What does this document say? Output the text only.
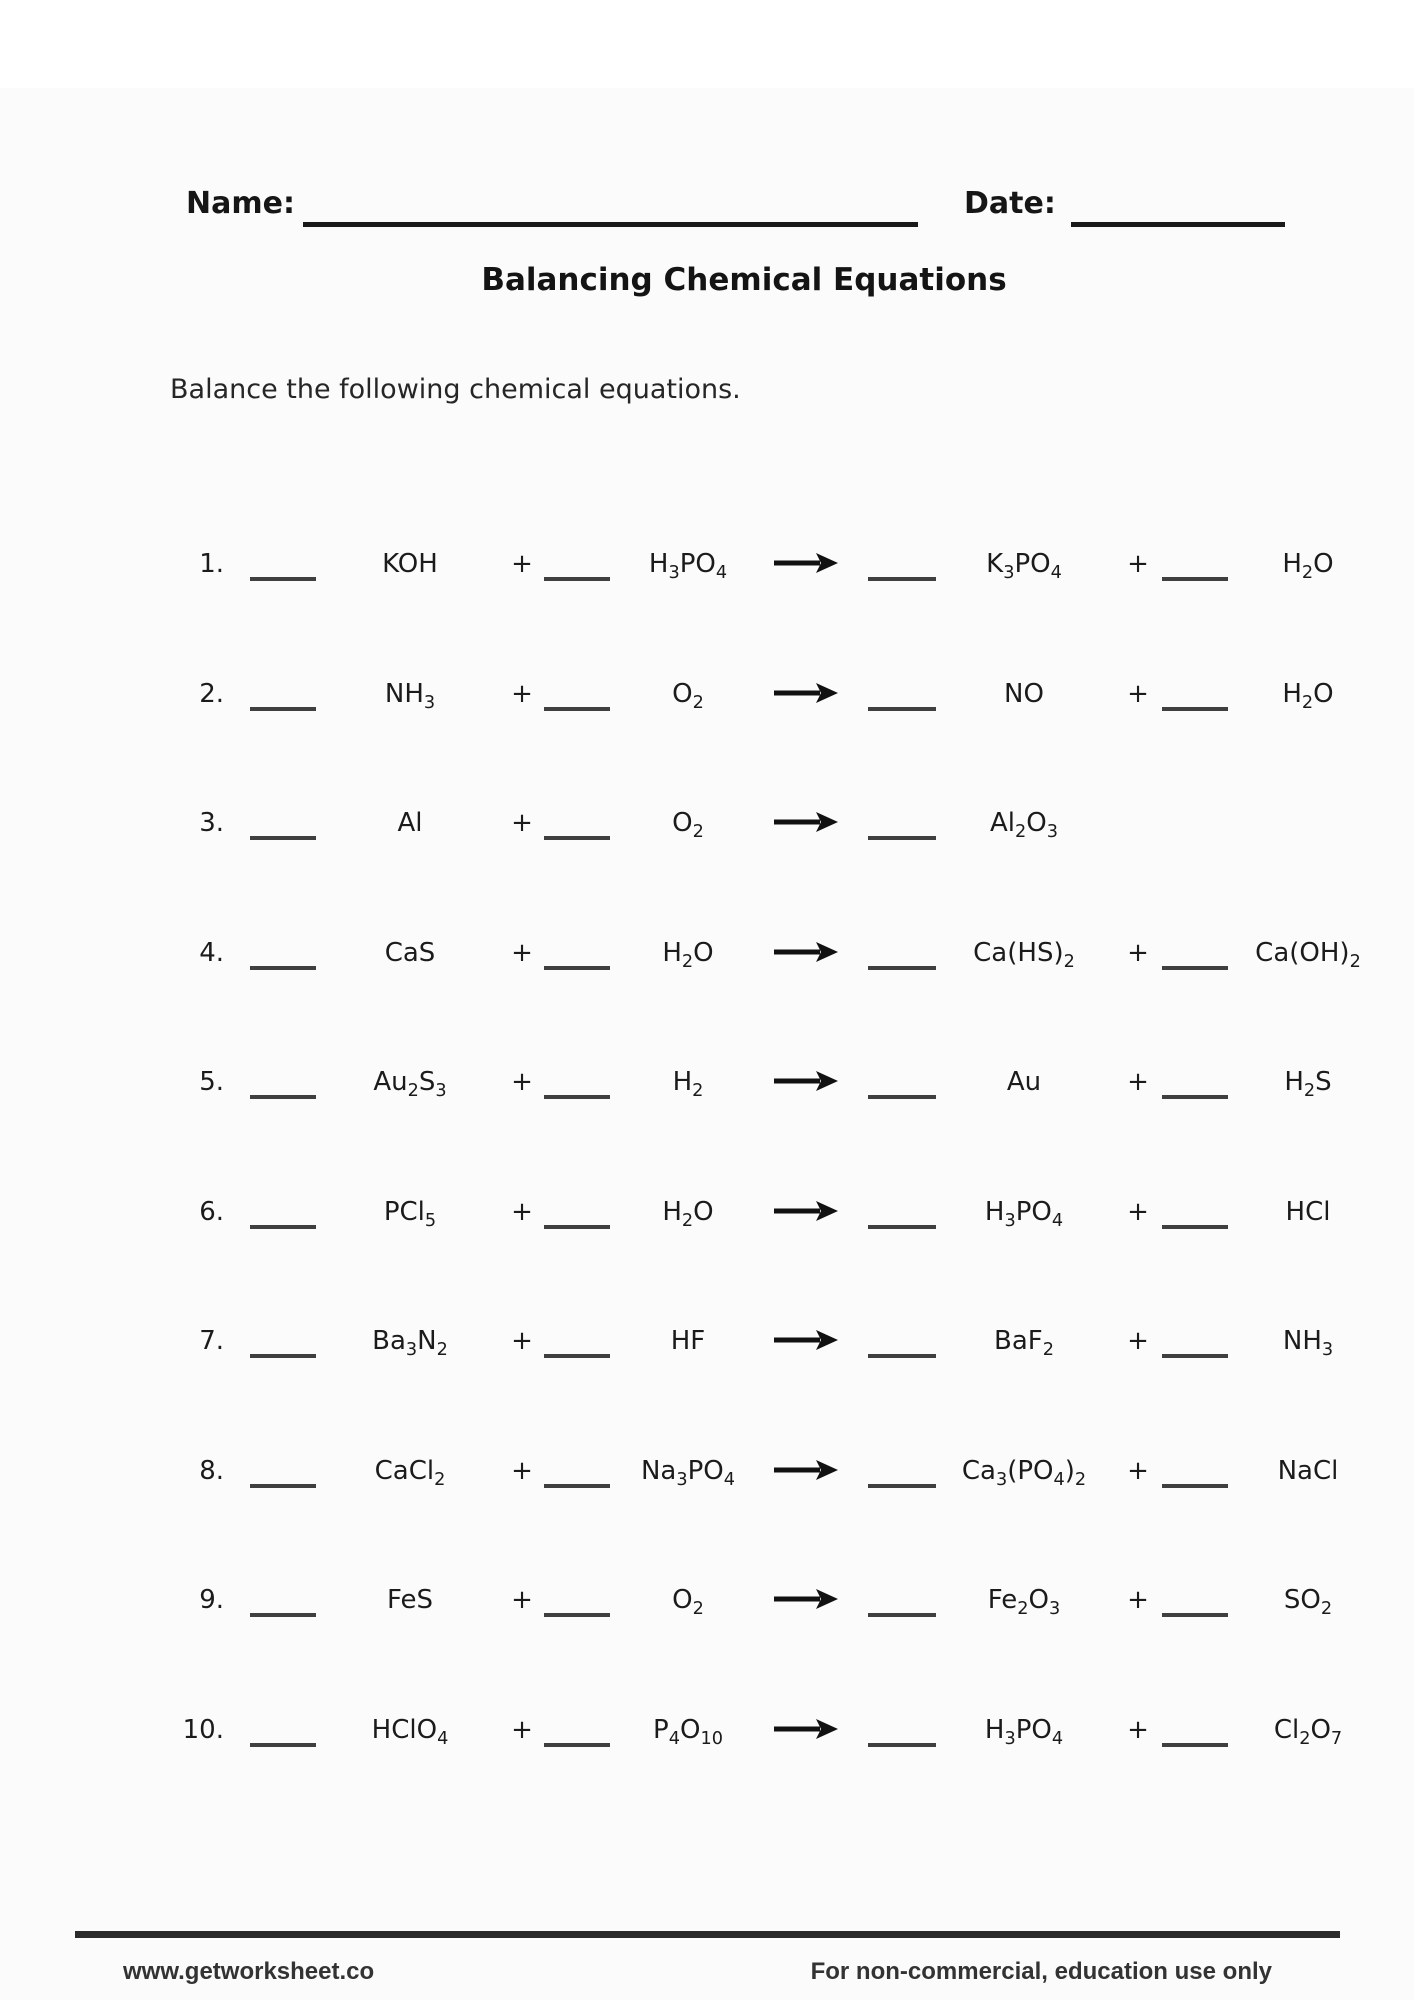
Name:	Date:
Balancing Chemical Equations
Balance the following chemical equations.
1.	KOH	+	$H_3PO_4$	$K_3PO_4$	+	$H_2O$
2.	$NH_3$	+	$O_2$	NO	+	$H_2O$
3.	Al	+	$O_2$	$Al_2O_3$
4.	CaS	+	$H_2O$	$Ca(HS)_2$	+	$Ca(OH)_2$
5.	$Au_2S_3$	+	$H_2$	Au	+	$H_2S$
6.	PCl$_5$	+	$H_2O$	$H_3PO_4$	+	HCl
7.	$Ba_3N_2$	+	HF	BaF$_2$	+	$NH_3$
8.	CaCl$_2$	+	$Na_3PO_4$	→	$Ca_3(PO_4)_2$	+	NaCl
9.	FeS	+	$O_2$	$Fe_2O_3$	+	$SO_2$
10.	HClO$_4$	+	$P_4O_{10}$	$H_3PO_4$	+	$Cl_2O_7$
www.getworksheet.co	For non-commercial, education use only
